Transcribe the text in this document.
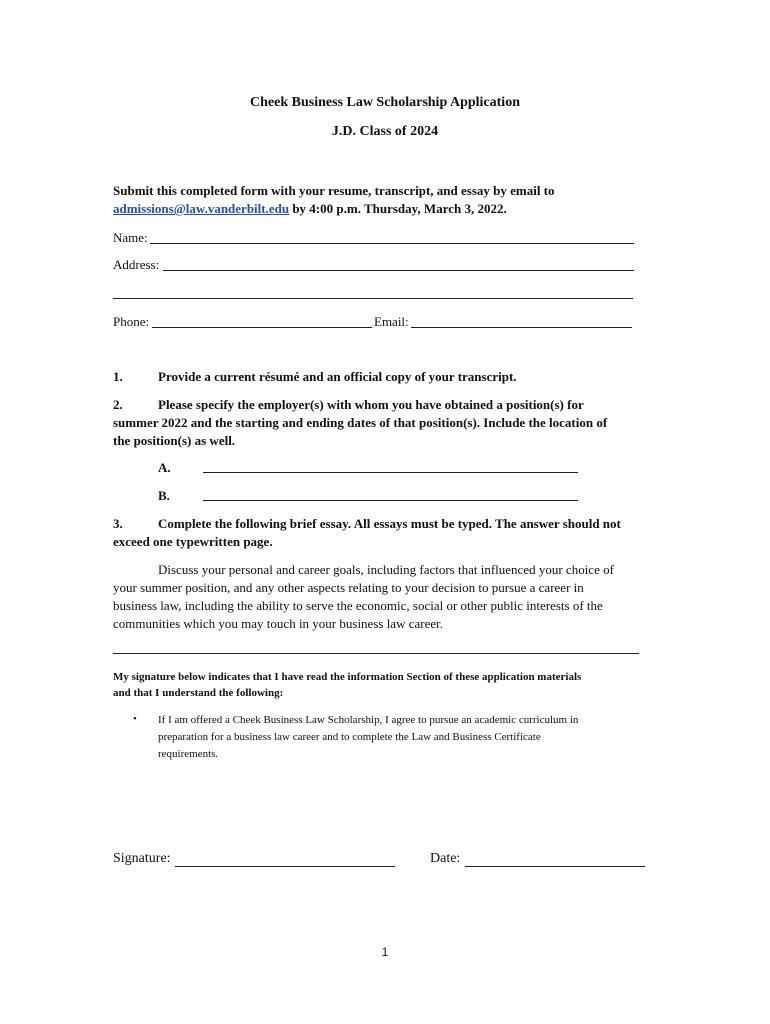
Cheek Business Law Scholarship Application
J.D. Class of 2024
Submit this completed form with your resume, transcript, and essay by email to
admissions@law.vanderbilt.edu by 4:00 p.m. Thursday, March 3, 2022.
Name:
Address:
Phone:	Email:
1.	Provide a current résumé and an official copy of your transcript.
2.	Please specify the employer(s) with whom you have obtained a position(s) for
summer 2022 and the starting and ending dates of that position(s). Include the location of
the position(s) as well.
A.
B.
3.	Complete the following brief essay. All essays must be typed. The answer should not
exceed one typewritten page.
Discuss your personal and career goals, including factors that influenced your choice of
your summer position, and any other aspects relating to your decision to pursue a career in
business law, including the ability to serve the economic, social or other public interests of the
communities which you may touch in your business law career.
My signature below indicates that I have read the information Section of these application materials
and that I understand the following:
• If I am offered a Cheek Business Law Scholarship, I agree to pursue an academic curriculum in
preparation for a business law career and to complete the Law and Business Certificate
requirements.
Signature:	Date:
1
